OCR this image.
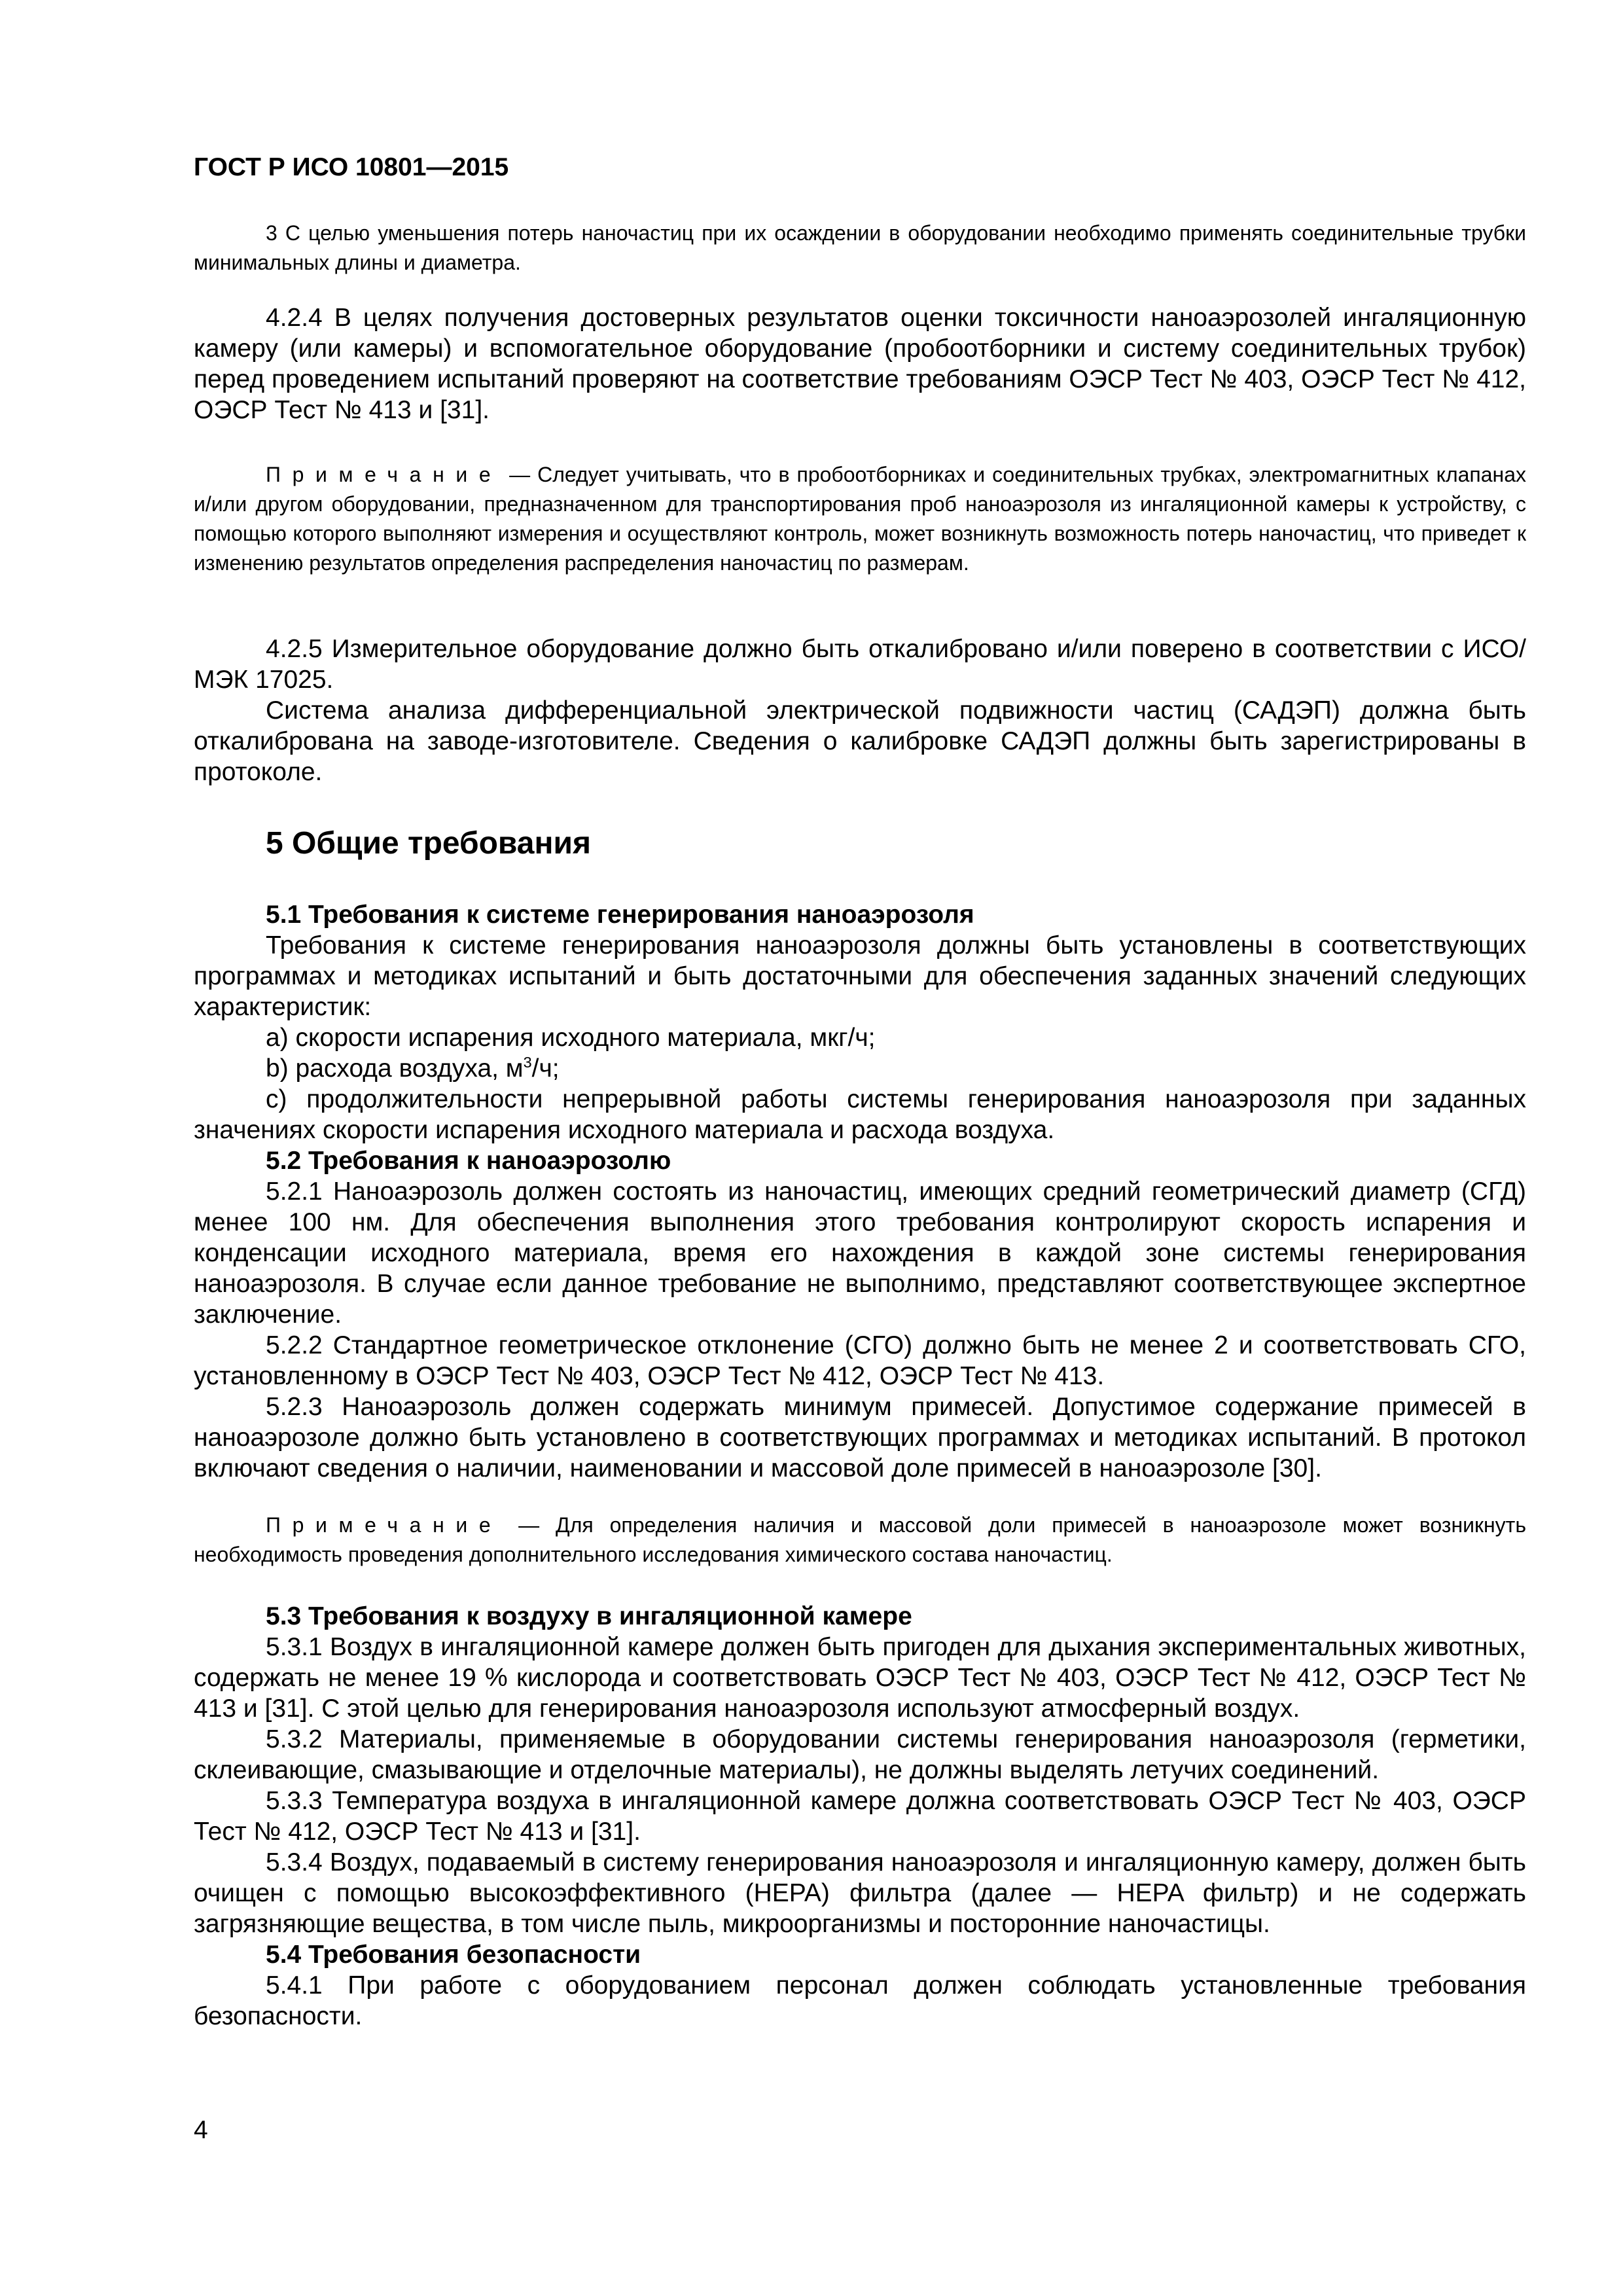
ГОСТ Р ИСО 10801—2015

3 С целью уменьшения потерь наночастиц при их осаждении в оборудовании необходимо применять соединительные трубки минимальных длины и диаметра.

4.2.4 В целях получения достоверных результатов оценки токсичности наноаэрозолей ингаляционную камеру (или камеры) и вспомогательное оборудование (пробоотборники и систему соединительных трубок) перед проведением испытаний проверяют на соответствие требованиям ОЭСР Тест № 403, ОЭСР Тест № 412, ОЭСР Тест № 413 и [31].

Примечание — Следует учитывать, что в пробоотборниках и соединительных трубках, электромагнитных клапанах и/или другом оборудовании, предназначенном для транспортирования проб наноаэрозоля из ингаляционной камеры к устройству, с помощью которого выполняют измерения и осуществляют контроль, может возникнуть возможность потерь наночастиц, что приведет к изменению результатов определения распределения наночастиц по размерам.

4.2.5 Измерительное оборудование должно быть откалибровано и/или поверено в соответствии с ИСО/МЭК 17025.

Система анализа дифференциальной электрической подвижности частиц (САДЭП) должна быть откалибрована на заводе-изготовителе. Сведения о калибровке САДЭП должны быть зарегистрированы в протоколе.

5 Общие требования
5.1 Требования к системе генерирования наноаэрозоля

Требования к системе генерирования наноаэрозоля должны быть установлены в соответствующих программах и методиках испытаний и быть достаточными для обеспечения заданных значений следующих характеристик:

a) скорости испарения исходного материала, мкг/ч;

b) расхода воздуха, $м^3/ч$;

c) продолжительности непрерывной работы системы генерирования наноаэрозоля при заданных значениях скорости испарения исходного материала и расхода воздуха.

5.2 Требования к наноаэрозолю

5.2.1 Наноаэрозоль должен состоять из наночастиц, имеющих средний геометрический диаметр (СГД) менее 100 нм. Для обеспечения выполнения этого требования контролируют скорость испарения и конденсации исходного материала, время его нахождения в каждой зоне системы генерирования наноаэрозоля. В случае если данное требование не выполнимо, представляют соответствующее экспертное заключение.

5.2.2 Стандартное геометрическое отклонение (СГО) должно быть не менее 2 и соответствовать СГО, установленному в ОЭСР Тест № 403, ОЭСР Тест № 412, ОЭСР Тест № 413.

5.2.3 Наноаэрозоль должен содержать минимум примесей. Допустимое содержание примесей в наноаэрозоле должно быть установлено в соответствующих программах и методиках испытаний. В протокол включают сведения о наличии, наименовании и массовой доле примесей в наноаэрозоле [30].

Примечание — Для определения наличия и массовой доли примесей в наноаэрозоле может возникнуть необходимость проведения дополнительного исследования химического состава наночастиц.

5.3 Требования к воздуху в ингаляционной камере

5.3.1 Воздух в ингаляционной камере должен быть пригоден для дыхания экспериментальных животных, содержать не менее 19 % кислорода и соответствовать ОЭСР Тест № 403, ОЭСР Тест № 412, ОЭСР Тест № 413 и [31]. С этой целью для генерирования наноаэрозоля используют атмосферный воздух.

5.3.2 Материалы, применяемые в оборудовании системы генерирования наноаэрозоля (герметики, склеивающие, смазывающие и отделочные материалы), не должны выделять летучих соединений.

5.3.3 Температура воздуха в ингаляционной камере должна соответствовать ОЭСР Тест № 403, ОЭСР Тест № 412, ОЭСР Тест № 413 и [31].

5.3.4 Воздух, подаваемый в систему генерирования наноаэрозоля и ингаляционную камеру, должен быть очищен с помощью высокоэффективного (HEPA) фильтра (далее — HEPA фильтр) и не содержать загрязняющие вещества, в том числе пыль, микроорганизмы и посторонние наночастицы.

5.4 Требования безопасности

5.4.1 При работе с оборудованием персонал должен соблюдать установленные требования безопасности.

4
